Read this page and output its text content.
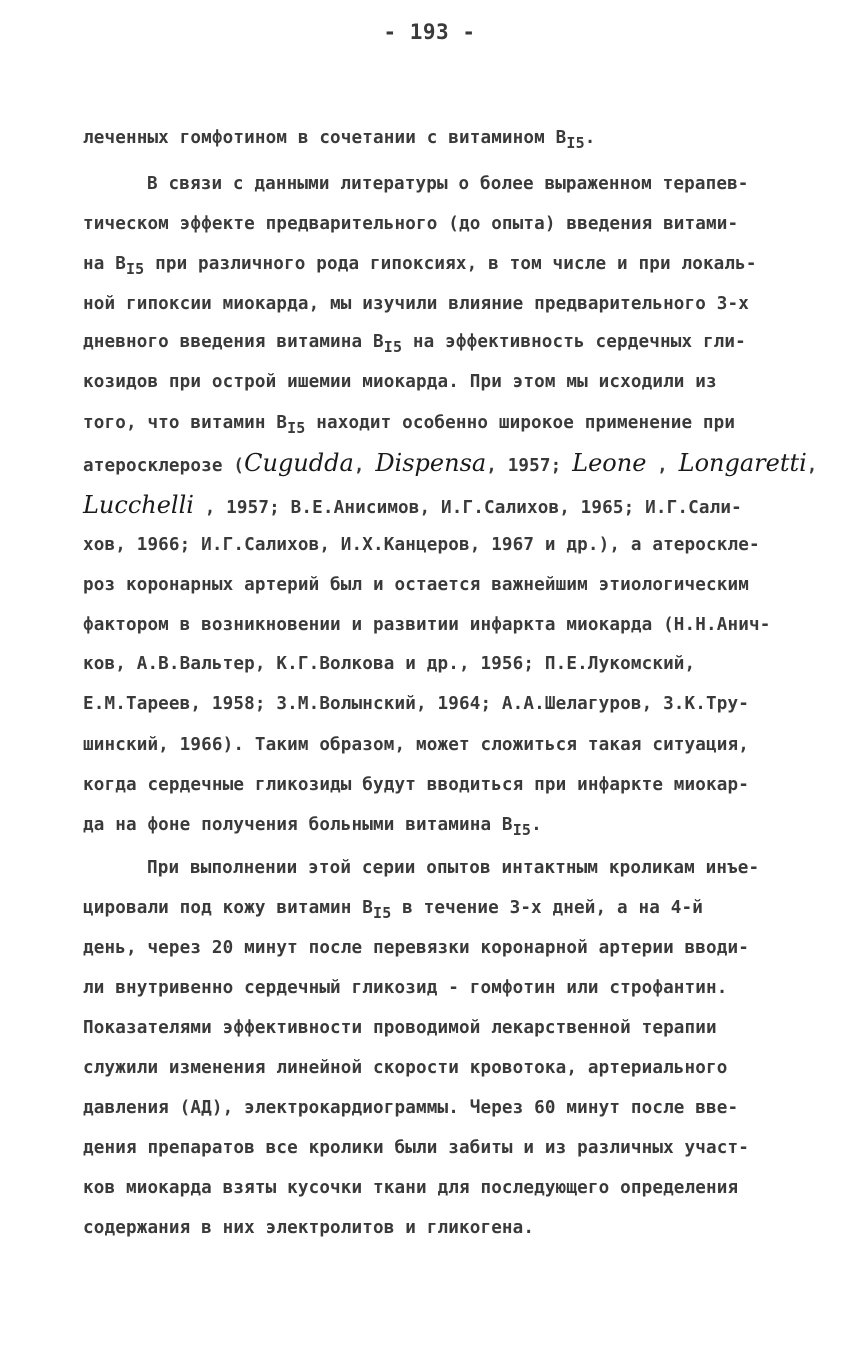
- 193 -

леченных гомфотином в сочетании с витамином $В_{I5}$.

В связи с данными литературы о более выраженном терапев-

тическом эффекте предварительного (до опыта) введения витами-

на $В_{I5}$ при различного рода гипоксиях, в том числе и при локаль-

ной гипоксии миокарда, мы изучили влияние предварительного 3-х

дневного введения витамина $В_{I5}$ на эффективность сердечных гли-

козидов при острой ишемии миокарда. При этом мы исходили из

того, что витамин $В_{I5}$ находит особенно широкое применение при

атеросклерозе (Cugudda, Dispensa, 1957; Leone , Longaretti,

Lucchelli , 1957; В.Е.Анисимов, И.Г.Салихов, 1965; И.Г.Сали-

хов, 1966; И.Г.Салихов, И.Х.Канцеров, 1967 и др.), а атероскле-

роз коронарных артерий был и остается важнейшим этиологическим

фактором в возникновении и развитии инфаркта миокарда (Н.Н.Анич-

ков, А.В.Вальтер, К.Г.Волкова и др., 1956; П.Е.Лукомский,

Е.М.Тареев, 1958; З.М.Волынский, 1964; А.А.Шелагуров, З.К.Тру-

шинский, 1966). Таким образом, может сложиться такая ситуация,

когда сердечные гликозиды будут вводиться при инфаркте миокар-

да на фоне получения больными витамина $В_{I5}$.

При выполнении этой серии опытов интактным кроликам инъе-

цировали под кожу витамин $В_{I5}$ в течение 3-х дней, а на 4-й

день, через 20 минут после перевязки коронарной артерии вводи-

ли внутривенно сердечный гликозид - гомфотин или строфантин.

Показателями эффективности проводимой лекарственной терапии

служили изменения линейной скорости кровотока, артериального

давления (АД), электрокардиограммы. Через 60 минут после вве-

дения препаратов все кролики были забиты и из различных участ-

ков миокарда взяты кусочки ткани для последующего определения

содержания в них электролитов и гликогена.
